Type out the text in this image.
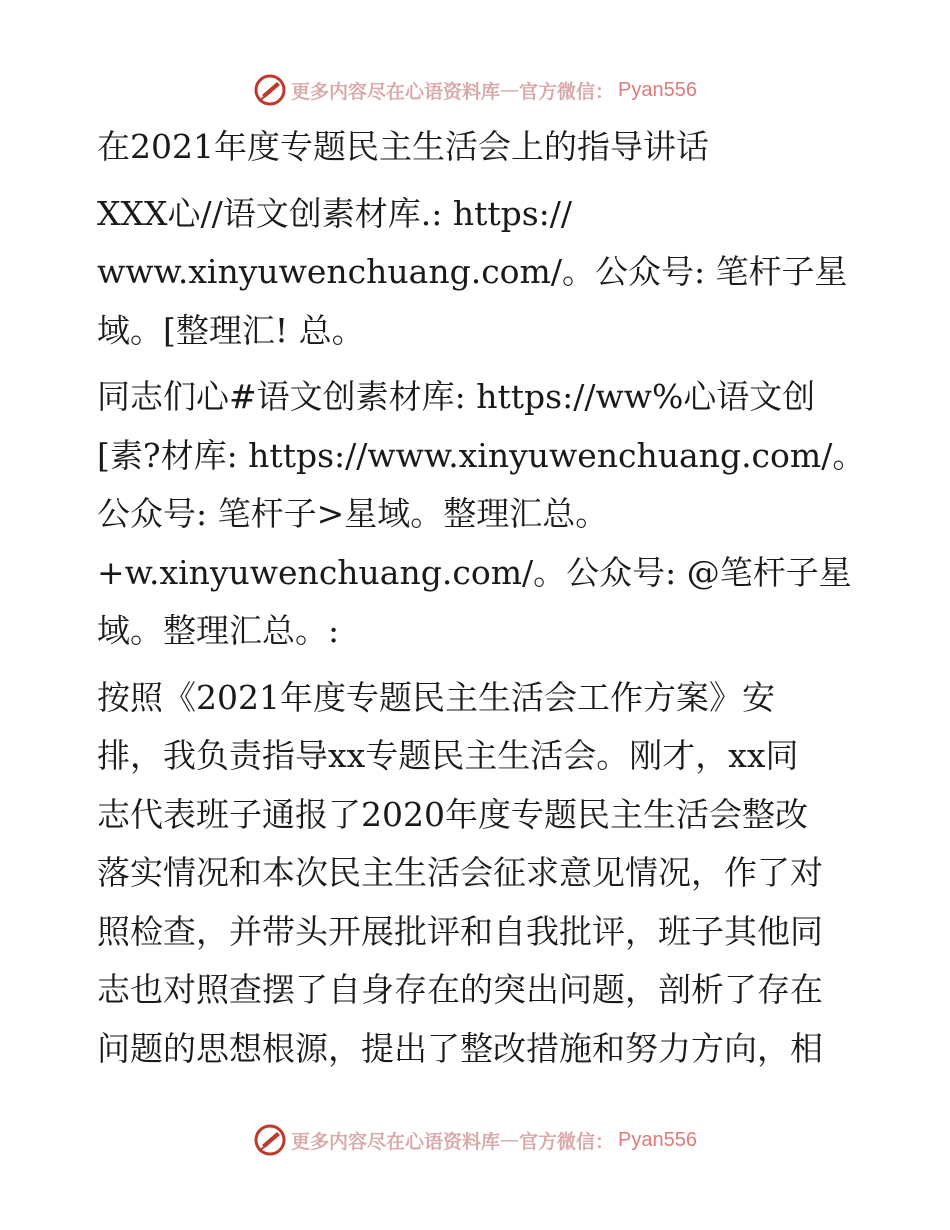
更多内容尽在心语资料库 — 官方微信： Pyan556

在2021年度专题民主生活会上的指导讲话

XXX心//语文创素材库.: https://

www.xinyuwenchuang.com/。公众号: 笔杆子星

域。[整理汇! 总。

同志们心#语文创素材库: https://ww%心语文创

[素?材库: https://www.xinyuwenchuang.com/。

公众号: 笔杆子>星域。整理汇总。

+w.xinyuwenchuang.com/。公众号: @笔杆子星

域。整理汇总。:

按照《2021年度专题民主生活会工作方案》安

排，我负责指导xx专题民主生活会。刚才，xx同

志代表班子通报了2020年度专题民主生活会整改

落实情况和本次民主生活会征求意见情况，作了对

照检查，并带头开展批评和自我批评，班子其他同

志也对照查摆了自身存在的突出问题，剖析了存在

问题的思想根源，提出了整改措施和努力方向，相

更多内容尽在心语资料库 — 官方微信： Pyan556
